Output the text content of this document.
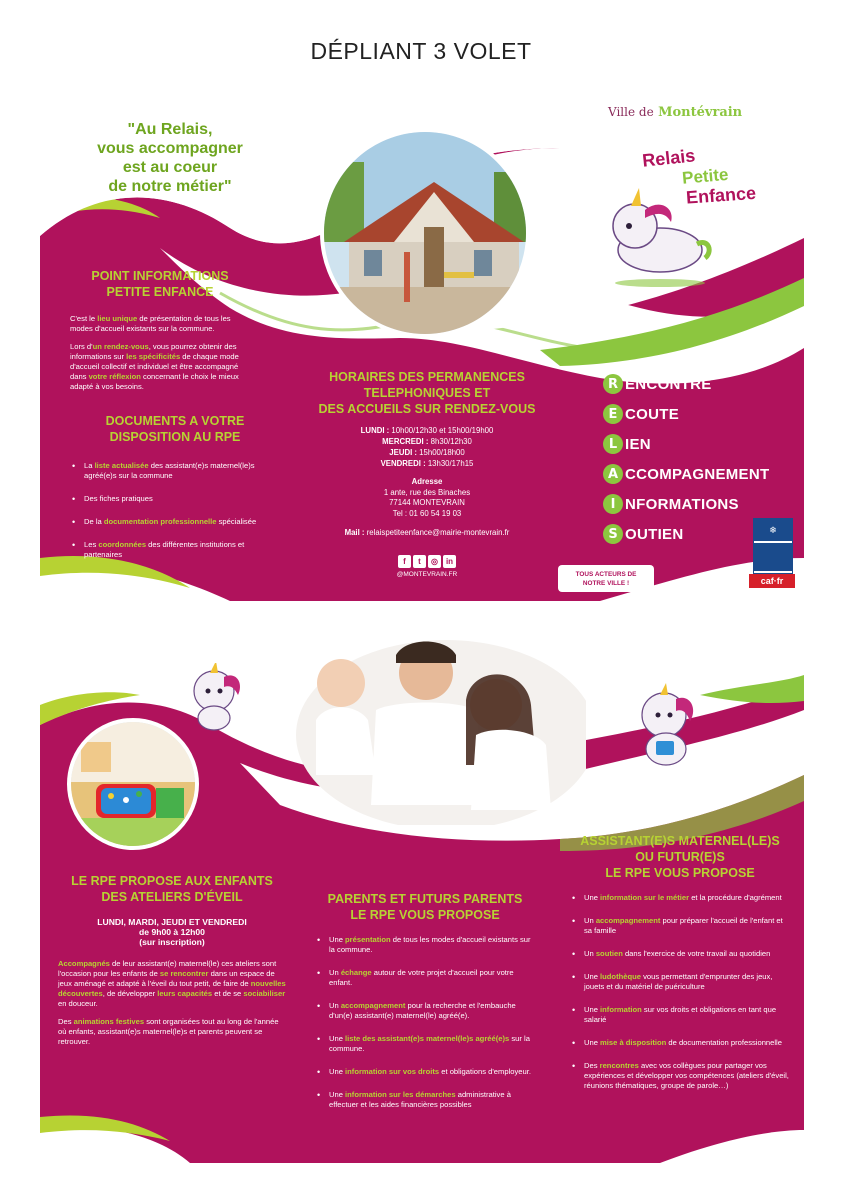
DÉPLIANT 3 VOLET
"Au Relais,
vous accompagner
est au coeur
de notre métier"
Ville de Montévrain
Relais
Petite
Enfance
POINT INFORMATIONS
PETITE ENFANCE

C'est le lieu unique de présentation de tous les modes d'accueil existants sur la commune.

Lors d'un rendez-vous, vous pourrez obtenir des informations sur les spécificités de chaque mode d'accueil collectif et individuel et être accompagné dans votre réflexion concernant le choix le mieux adapté à vos besoins.

DOCUMENTS A VOTRE
DISPOSITION AU RPE
• La liste actualisée des assistant(e)s maternel(le)s agréé(e)s sur la commune
• Des fiches pratiques
• De la documentation professionnelle spécialisée
• Les coordonnées des différentes institutions et partenaires
HORAIRES DES PERMANENCES
TELEPHONIQUES ET
DES ACCUEILS SUR RENDEZ-VOUS
LUNDI : 10h00/12h30 et 15h00/19h00
MERCREDI : 8h30/12h30
JEUDI : 15h00/18h00
VENDREDI : 13h30/17h15
Adresse
1 ante, rue des Binaches
77144 MONTEVRAIN
Tel : 01 60 54 19 03
Mail : relaispetiteenfance@mairie-montevrain.fr
f t ◎ in
@MONTEVRAIN.FR
R ENCONTRE
E COUTE
L IEN
A CCOMPAGNEMENT
I NFORMATIONS
S OUTIEN	❄
caf·fr
TOUS ACTEURS DE
NOTRE VILLE !
LE RPE PROPOSE AUX ENFANTS
DES ATELIERS D'ÉVEIL
LUNDI, MARDI, JEUDI ET VENDREDI
de 9h00 à 12h00
(sur inscription)

Accompagnés de leur assistant(e) maternel(le) ces ateliers sont l'occasion pour les enfants de se rencontrer dans un espace de jeux aménagé et adapté à l'éveil du tout petit, de faire de nouvelles découvertes, de développer leurs capacités et de se sociabiliser en douceur.

Des animations festives sont organisées tout au long de l'année où enfants, assistant(e)s maternel(le)s et parents peuvent se retrouver.

PARENTS ET FUTURS PARENTS
LE RPE VOUS PROPOSE
• Une présentation de tous les modes d'accueil existants sur la commune.
• Un échange autour de votre projet d'accueil pour votre enfant.
• Un accompagnement pour la recherche et l'embauche d'un(e) assistant(e) maternel(le) agréé(e).
• Une liste des assistant(e)s maternel(le)s agréé(e)s sur la commune.
• Une information sur vos droits et obligations d'employeur.
• Une information sur les démarches administrative à effectuer et les aides financières possibles
ASSISTANT(E)S MATERNEL(LE)S
OU FUTUR(E)S
LE RPE VOUS PROPOSE
• Une information sur le métier et la procédure d'agrément
• Un accompagnement pour préparer l'accueil de l'enfant et sa famille
• Un soutien dans l'exercice de votre travail au quotidien
• Une ludothèque vous permettant d'emprunter des jeux, jouets et du matériel de puériculture
• Une information sur vos droits et obligations en tant que salarié
• Une mise à disposition de documentation professionnelle
• Des rencontres avec vos collègues pour partager vos expériences et développer vos compétences (ateliers d'éveil, réunions thématiques, groupe de parole…)
